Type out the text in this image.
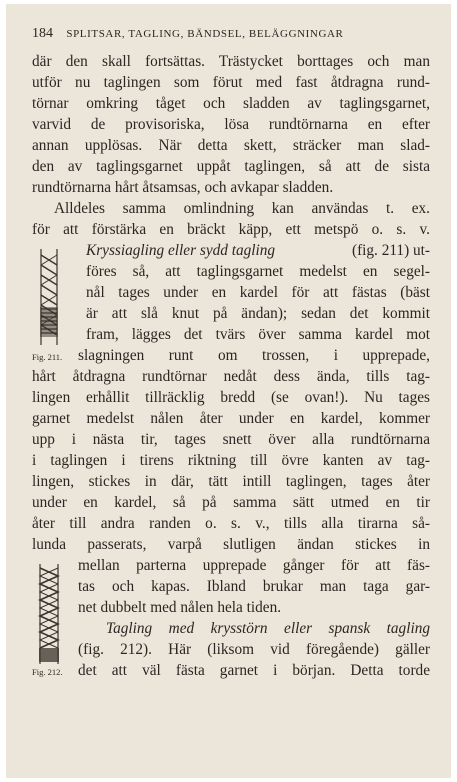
184 SPLITSAR, TAGLING, BÄNDSEL, BELÄGGNINGAR
där den skall fortsättas. Trästycket borttages och man
utför nu taglingen som förut med fast åtdragna rund-
törnar omkring tåget och sladden av taglingsgarnet,
varvid de provisoriska, lösa rundtörnarna en efter
annan upplösas. När detta skett, sträcker man slad-
den av taglingsgarnet uppåt taglingen, så att de sista
rundtörnarna hårt åtsamsas, och avkapar sladden.
Alldeles samma omlindning kan användas t. ex.
för att förstärka en bräckt käpp, ett metspö o. s. v.
Kryssiagling eller sydd tagling	(fig. 211) ut-
föres så, att taglingsgarnet medelst en segel-
nål tages under en kardel för att fästas (bäst
är att slå knut på ändan); sedan det kommit
fram, lägges det tvärs över samma kardel mot
Fig. 211. slagningen runt om trossen, i upprepade,
hårt åtdragna rundtörnar nedåt dess ända, tills tag-
lingen erhållit tillräcklig bredd (se ovan!). Nu tages
garnet medelst nålen åter under en kardel, kommer
upp i nästa tir, tages snett över alla rundtörnarna
i taglingen i tirens riktning till övre kanten av tag-
lingen, stickes in där, tätt intill taglingen, tages åter
under en kardel, så på samma sätt utmed en tir
åter till andra randen o. s. v., tills alla tirarna så-
lunda passerats, varpå slutligen ändan stickes in
mellan parterna upprepade gånger för att fäs-
tas och kapas. Ibland brukar man taga gar-
net dubbelt med nålen hela tiden.
Tagling med krysstörn eller spansk tagling
(fig. 212). Här (liksom vid föregående) gäller
Fig. 212. det att väl fästa garnet i början. Detta torde
